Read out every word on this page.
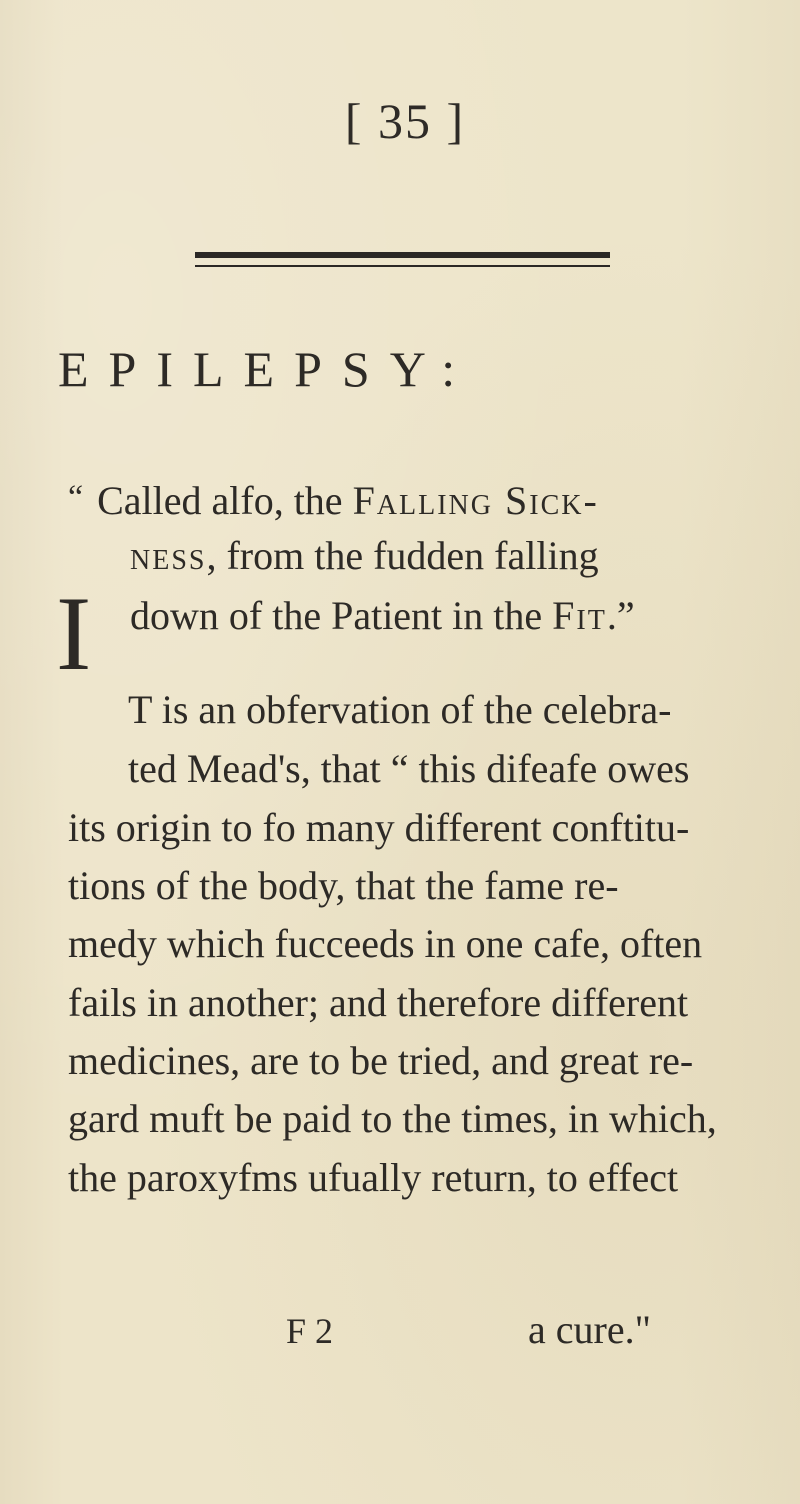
[ 35 ]
EPILEPSY:
“ Called alfo, the Falling Sick-
ness, from the fudden falling
down of the Patient in the Fit.”
I
T is an obfervation of the celebra-
ted Mead's, that “ this difeafe owes
its origin to fo many different conftitu-
tions of the body, that the fame re-
medy which fucceeds in one cafe, often
fails in another; and therefore different
medicines, are to be tried, and great re-
gard muft be paid to the times, in which,
the paroxyfms ufually return, to effect
F 2	a cure."
